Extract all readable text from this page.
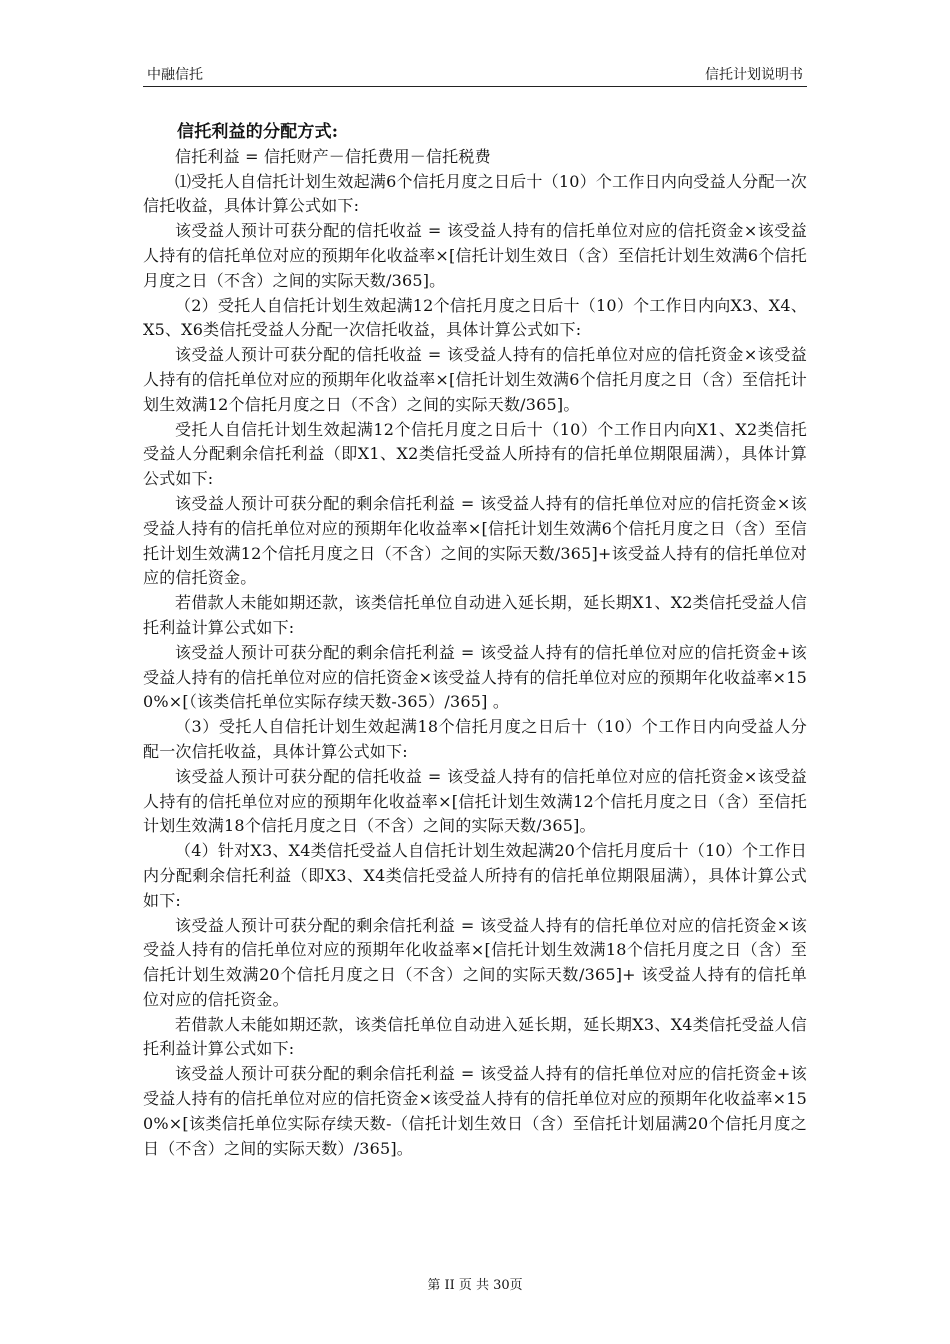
中融信托	信托计划说明书

信托利益的分配方式:

信托利益 = 信托财产－信托费用－信托税费

⑴受托人自信托计划生效起满6个信托月度之日后十（10）个工作日内向受益人分配一次信托收益，具体计算公式如下:

该受益人预计可获分配的信托收益 = 该受益人持有的信托单位对应的信托资金×该受益人持有的信托单位对应的预期年化收益率×[信托计划生效日（含）至信托计划生效满6个信托月度之日（不含）之间的实际天数/365]。

（2）受托人自信托计划生效起满12个信托月度之日后十（10）个工作日内向X3、X4、X5、X6类信托受益人分配一次信托收益，具体计算公式如下:

该受益人预计可获分配的信托收益 = 该受益人持有的信托单位对应的信托资金×该受益人持有的信托单位对应的预期年化收益率×[信托计划生效满6个信托月度之日（含）至信托计划生效满12个信托月度之日（不含）之间的实际天数/365]。

受托人自信托计划生效起满12个信托月度之日后十（10）个工作日内向X1、X2类信托受益人分配剩余信托利益（即X1、X2类信托受益人所持有的信托单位期限届满），具体计算公式如下:

该受益人预计可获分配的剩余信托利益 = 该受益人持有的信托单位对应的信托资金×该受益人持有的信托单位对应的预期年化收益率×[信托计划生效满6个信托月度之日（含）至信托计划生效满12个信托月度之日（不含）之间的实际天数/365]+该受益人持有的信托单位对应的信托资金。

若借款人未能如期还款，该类信托单位自动进入延长期，延长期X1、X2类信托受益人信托利益计算公式如下:

该受益人预计可获分配的剩余信托利益 = 该受益人持有的信托单位对应的信托资金+该受益人持有的信托单位对应的信托资金×该受益人持有的信托单位对应的预期年化收益率×150%×[（该类信托单位实际存续天数-365）/365] 。

（3）受托人自信托计划生效起满18个信托月度之日后十（10）个工作日内向受益人分配一次信托收益，具体计算公式如下:

该受益人预计可获分配的信托收益 = 该受益人持有的信托单位对应的信托资金×该受益人持有的信托单位对应的预期年化收益率×[信托计划生效满12个信托月度之日（含）至信托计划生效满18个信托月度之日（不含）之间的实际天数/365]。

（4）针对X3、X4类信托受益人自信托计划生效起满20个信托月度后十（10）个工作日内分配剩余信托利益（即X3、X4类信托受益人所持有的信托单位期限届满），具体计算公式如下:

该受益人预计可获分配的剩余信托利益 = 该受益人持有的信托单位对应的信托资金×该受益人持有的信托单位对应的预期年化收益率×[信托计划生效满18个信托月度之日（含）至信托计划生效满20个信托月度之日（不含）之间的实际天数/365]+ 该受益人持有的信托单位对应的信托资金。

若借款人未能如期还款，该类信托单位自动进入延长期，延长期X3、X4类信托受益人信托利益计算公式如下:

该受益人预计可获分配的剩余信托利益 = 该受益人持有的信托单位对应的信托资金+该受益人持有的信托单位对应的信托资金×该受益人持有的信托单位对应的预期年化收益率×150%×[该类信托单位实际存续天数-（信托计划生效日（含）至信托计划届满20个信托月度之日（不含）之间的实际天数）/365]。

第 II 页 共 30页
